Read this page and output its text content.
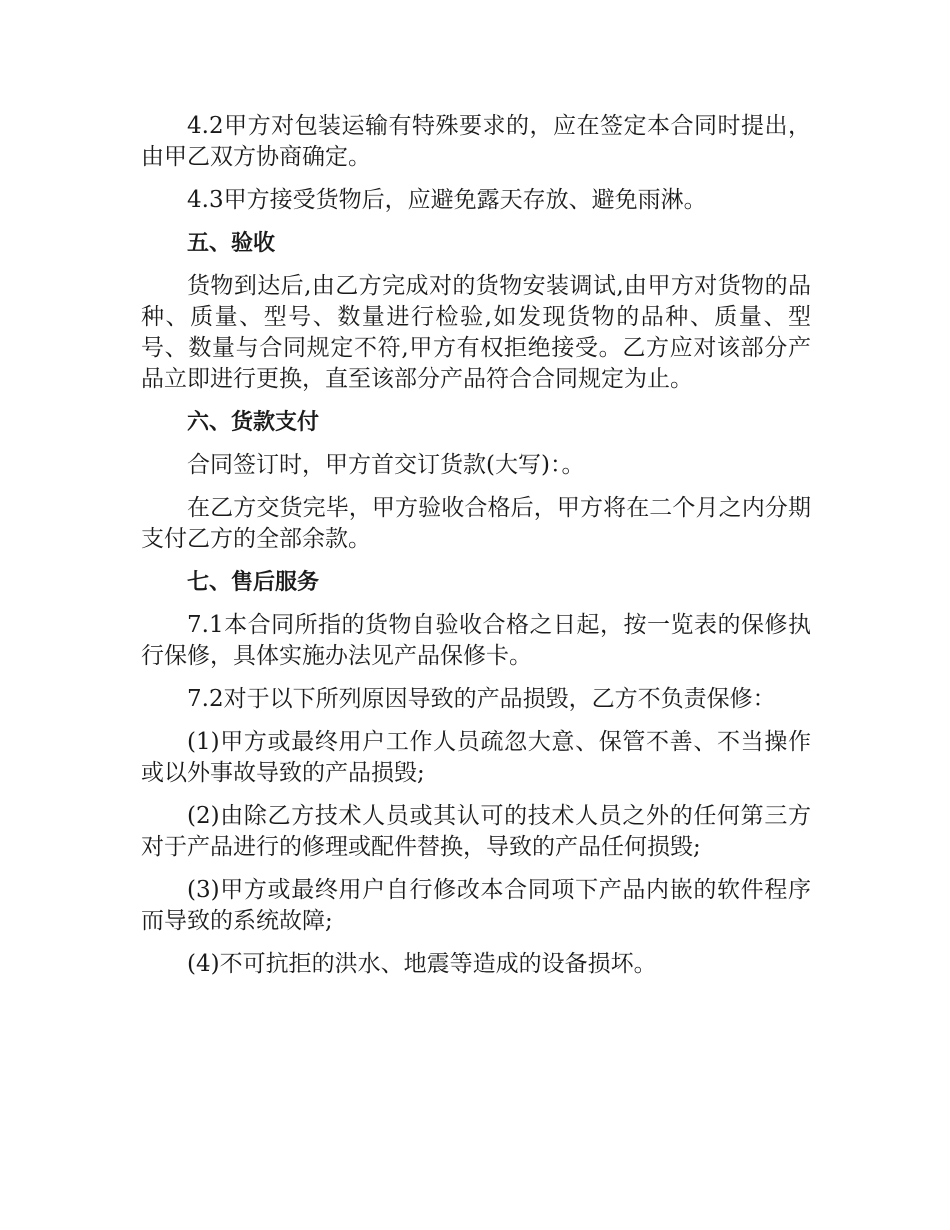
4.2甲方对包装运输有特殊要求的，应在签定本合同时提出，由甲乙双方协商确定。

4.3甲方接受货物后，应避免露天存放、避免雨淋。

五、验收

货物到达后,由乙方完成对的货物安装调试,由甲方对货物的品种、质量、型号、数量进行检验,如发现货物的品种、质量、型号、数量与合同规定不符,甲方有权拒绝接受。乙方应对该部分产品立即进行更换，直至该部分产品符合合同规定为止。

六、货款支付

合同签订时，甲方首交订货款(大写)：。

在乙方交货完毕，甲方验收合格后，甲方将在二个月之内分期支付乙方的全部余款。

七、售后服务

7.1本合同所指的货物自验收合格之日起，按一览表的保修执行保修，具体实施办法见产品保修卡。

7.2对于以下所列原因导致的产品损毁，乙方不负责保修：

(1)甲方或最终用户工作人员疏忽大意、保管不善、不当操作或以外事故导致的产品损毁;

(2)由除乙方技术人员或其认可的技术人员之外的任何第三方对于产品进行的修理或配件替换，导致的产品任何损毁;

(3)甲方或最终用户自行修改本合同项下产品内嵌的软件程序而导致的系统故障;

(4)不可抗拒的洪水、地震等造成的设备损坏。
